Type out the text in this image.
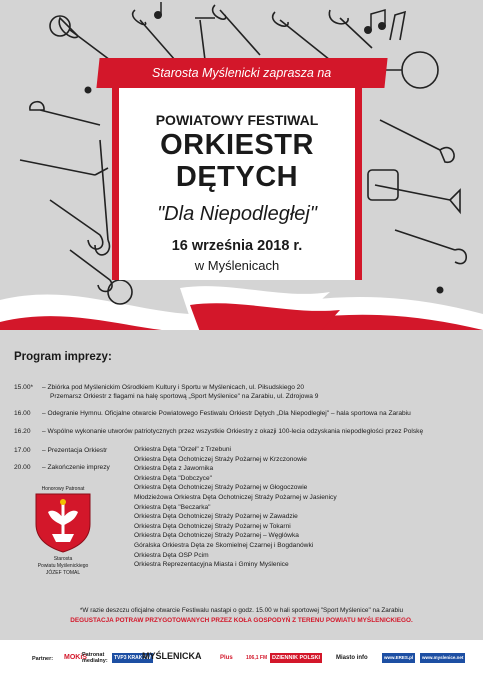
Starosta Myślenicki zaprasza na
POWIATOWY FESTIWAL
ORKIESTR
DĘTYCH
"Dla Niepodległej"
16 września 2018 r.
w Myślenicach
Program imprezy:
15.00*	– Zbiórka pod Myślenickim Ośrodkiem Kultury i Sportu w Myślenicach, ul. Piłsudskiego 20
Przemarsz Orkiestr z flagami na halę sportową „Sport Myślenice" na Zarabiu, ul. Zdrojowa 9
16.00	– Odegranie Hymnu. Oficjalne otwarcie Powiatowego Festiwalu Orkiestr Dętych „Dla Niepodległej" – hala sportowa na Zarabiu
16.20	– Wspólne wykonanie utworów patriotycznych przez wszystkie Orkiestry z okazji 100-lecia odzyskania niepodległości przez Polskę
17.00	– Prezentacja Orkiestr
20.00	– Zakończenie imprezy
Orkiestra Dęta "Orzeł" z Trzebuni
Orkiestra Dęta Ochotniczej Straży Pożarnej w Krzczonowie
Orkiestra Dęta z Jawornika
Orkiestra Dęta "Dobczyce"
Orkiestra Dęta Ochotniczej Straży Pożarnej w Głogoczowie
Młodzieżowa Orkiestra Dęta Ochotniczej Straży Pożarnej w Jasienicy
Orkiestra Dęta "Beczarka"
Orkiestra Dęta Ochotniczej Straży Pożarnej w Zawadzie
Orkiestra Dęta Ochotniczej Straży Pożarnej w Tokarni
Orkiestra Dęta Ochotniczej Straży Pożarnej – Węglówka
Góralska Orkiestra Dęta ze Skomielnej Czarnej i Bogdanówki
Orkiestra Dęta OSP Pcim
Orkiestra Reprezentacyjna Miasta i Gminy Myślenice
Honorowy Patronat
Starosta
Powiatu Myślenickiego
JÓZEF TOMAL
*W razie deszczu oficjalne otwarcie Festiwalu nastąpi o godz. 15.00 w hali sportowej "Sport Myślenice" na Zarabiu
DEGUSTACJA POTRAW PRZYGOTOWANYCH PRZEZ KOŁA GOSPODYŃ Z TERENU POWIATU MYŚLENICKIEGO.
Partner: MOKiS
Patronat medialny:	TVP3 KRAKÓW
MYŚLENICKA	Plus	106,1 FM DZIENNIK POLSKI	Miasto info	www.ERES.pl	www.myslenice.net
